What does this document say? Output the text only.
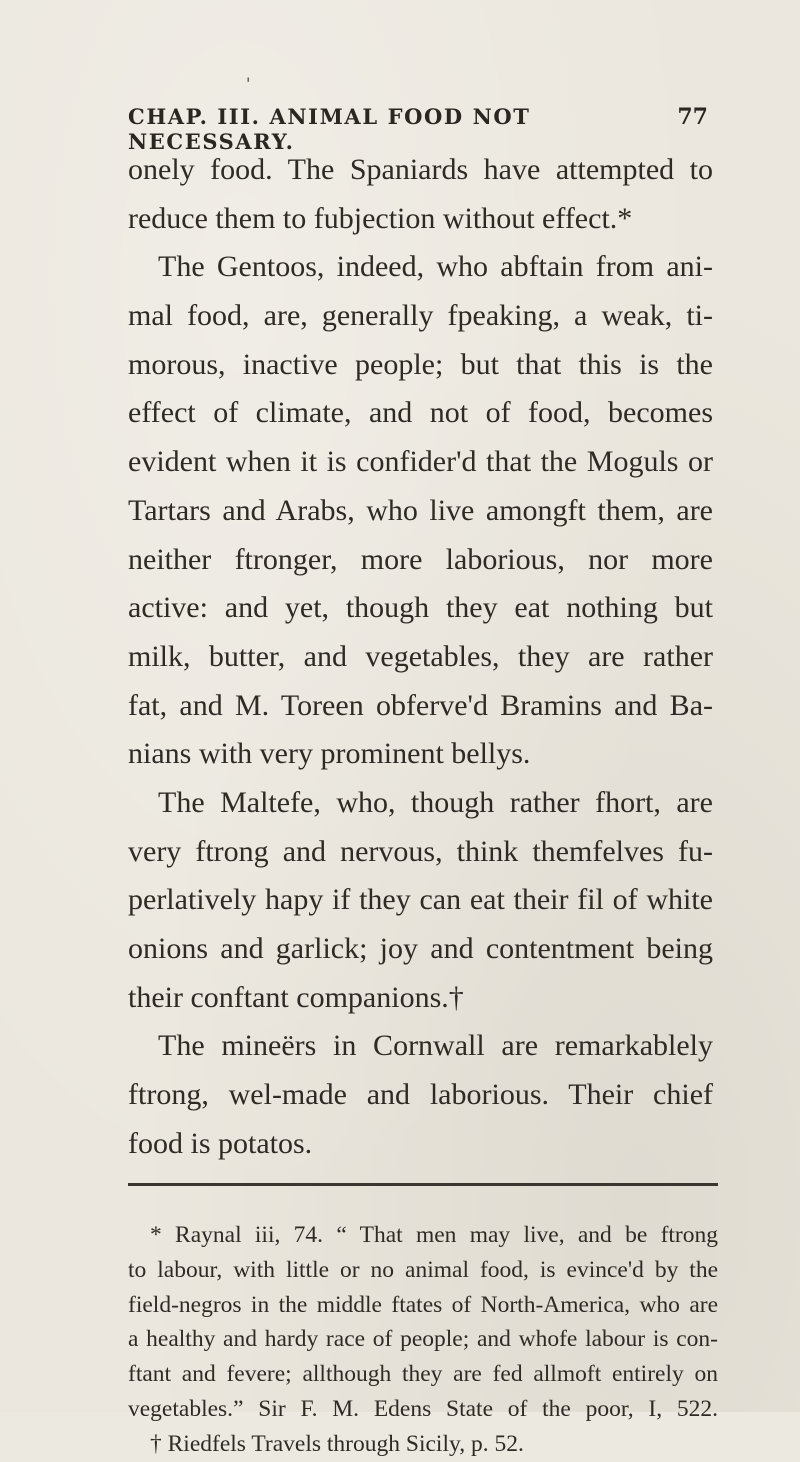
'
CHAP. III. ANIMAL FOOD NOT NECESSARY.
77
onely food. The Spaniards have attempted to
reduce them to fubjection without effect.*
The Gentoos, indeed, who abftain from ani-
mal food, are, generally fpeaking, a weak, ti-
morous, inactive people; but that this is the
effect of climate, and not of food, becomes
evident when it is confider'd that the Moguls or
Tartars and Arabs, who live amongft them, are
neither ftronger, more laborious, nor more
active: and yet, though they eat nothing but
milk, butter, and vegetables, they are rather
fat, and M. Toreen obferve'd Bramins and Ba-
nians with very prominent bellys.
The Maltefe, who, though rather fhort, are
very ftrong and nervous, think themfelves fu-
perlatively hapy if they can eat their fil of white
onions and garlick; joy and contentment being
their conftant companions.†
The mineërs in Cornwall are remarkablely
ftrong, wel-made and laborious. Their chief
food is potatos.
* Raynal iii, 74. “ That men may live, and be ftrong
to labour, with little or no animal food, is evince'd by the
field-negros in the middle ftates of North-America, who are
a healthy and hardy race of people; and whofe labour is con-
ftant and fevere; allthough they are fed allmoft entirely on
vegetables.” Sir F. M. Edens State of the poor, I, 522.
† Riedfels Travels through Sicily, p. 52.
